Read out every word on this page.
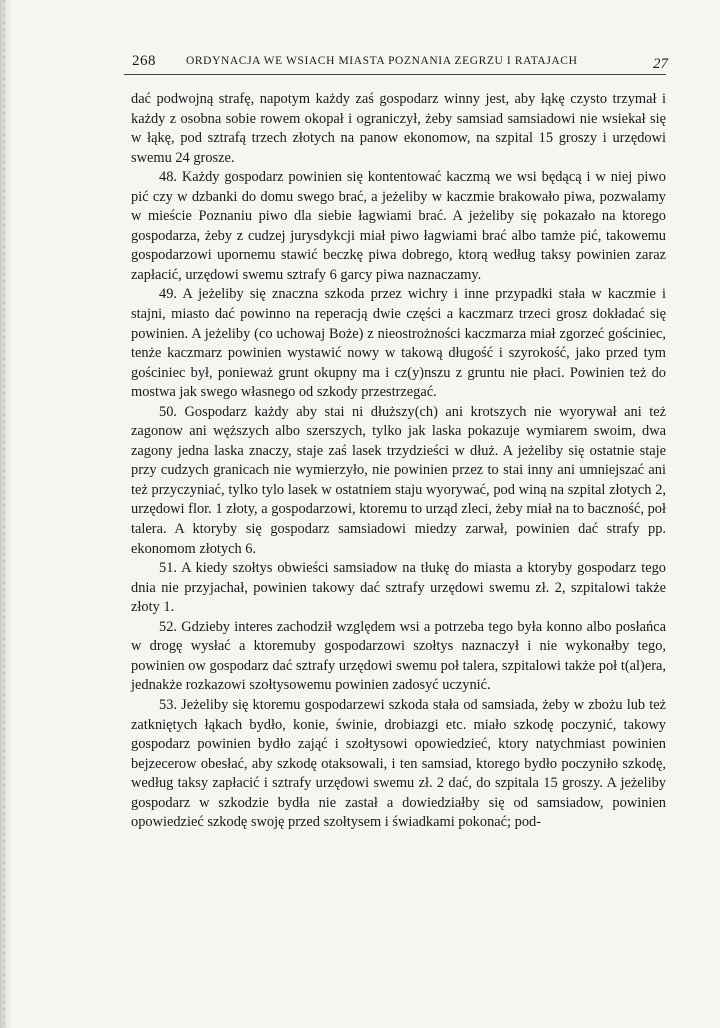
268	ORDYNACJA WE WSIACH MIASTA POZNANIA ZEGRZU I RATAJACH	27

dać podwojną strafę, napotym każdy zaś gospodarz winny jest, aby łąkę czysto trzymał i każdy z osobna sobie rowem okopał i ograniczył, żeby samsiad samsiadowi nie wsiekał się w łąkę, pod sztrafą trzech złotych na panow ekonomow, na szpital 15 groszy i urzędowi swemu 24 grosze.

48. Każdy gospodarz powinien się kontentować kaczmą we wsi będącą i w niej piwo pić czy w dzbanki do domu swego brać, a jeżeliby w kaczmie brakowało piwa, pozwalamy w mieście Poznaniu piwo dla siebie łagwiami brać. A jeżeliby się pokazało na ktorego gospodarza, żeby z cudzej jurysdykcji miał piwo łagwiami brać albo tamże pić, takowemu gospodarzowi upornemu stawić beczkę piwa dobrego, ktorą według taksy powinien zaraz zapłacić, urzędowi swemu sztrafy 6 garcy piwa naznaczamy.

49. A jeżeliby się znaczna szkoda przez wichry i inne przypadki stała w kaczmie i stajni, miasto dać powinno na reperacją dwie części a kaczmarz trzeci grosz dokładać się powinien. A jeżeliby (co uchowaj Boże) z nieostrożności kaczmarza miał zgorzeć gościniec, tenże kaczmarz powinien wystawić nowy w takową długość i szyrokość, jako przed tym gościniec był, ponieważ grunt okupny ma i cz(y)nszu z gruntu nie płaci. Powinien też do mostwa jak swego własnego od szkody przestrzegać.

50. Gospodarz każdy aby stai ni dłuższy(ch) ani krotszych nie wyorywał ani też zagonow ani węższych albo szerszych, tylko jak laska pokazuje wymiarem swoim, dwa zagony jedna laska znaczy, staje zaś lasek trzydzieści w dłuż. A jeżeliby się ostatnie staje przy cudzych granicach nie wymierzyło, nie powinien przez to stai inny ani umniejszać ani też przyczyniać, tylko tylo lasek w ostatniem staju wyorywać, pod winą na szpital złotych 2, urzędowi flor. 1 złoty, a gospodarzowi, ktoremu to urząd zleci, żeby miał na to baczność, poł talera. A ktoryby się gospodarz samsiadowi miedzy zarwał, powinien dać strafy pp. ekonomom złotych 6.

51. A kiedy szołtys obwieści samsiadow na tłukę do miasta a ktoryby gospodarz tego dnia nie przyjachał, powinien takowy dać sztrafy urzędowi swemu zł. 2, szpitalowi także złoty 1.

52. Gdzieby interes zachodził względem wsi a potrzeba tego była konno albo posłańca w drogę wysłać a ktoremuby gospodarzowi szołtys naznaczył i nie wykonałby tego, powinien ow gospodarz dać sztrafy urzędowi swemu poł talera, szpitalowi także poł t(al)era, jednakże rozkazowi szołtysowemu powinien zadosyć uczynić.

53. Jeżeliby się ktoremu gospodarzewi szkoda stała od samsiada, żeby w zbożu lub też zatkniętych łąkach bydło, konie, świnie, drobiazgi etc. miało szkodę poczynić, takowy gospodarz powinien bydło zająć i szołtysowi opowiedzieć, ktory natychmiast powinien bejzecerow obesłać, aby szkodę otaksowali, i ten samsiad, ktorego bydło poczyniło szkodę, według taksy zapłacić i sztrafy urzędowi swemu zł. 2 dać, do szpitala 15 groszy. A jeżeliby gospodarz w szkodzie bydła nie zastał a dowiedziałby się od samsiadow, powinien opowiedzieć szkodę swoję przed szołtysem i świadkami pokonać; pod-
